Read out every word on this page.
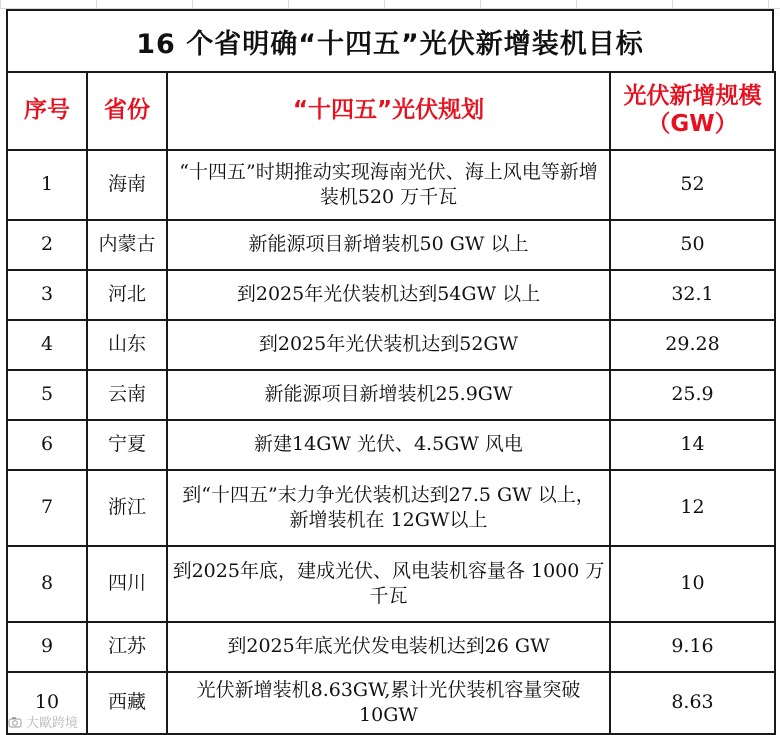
16 个省明确“十四五”光伏新增装机目标
序号	省份	“十四五”光伏规划	光伏新增规模（GW）
1	海南	“十四五”时期推动实现海南光伏、海上风电等新增装机520 万千瓦	52
2	内蒙古	新能源项目新增装机50 GW 以上	50
3	河北	到2025年光伏装机达到54GW 以上	32.1
4	山东	到2025年光伏装机达到52GW	29.28
5	云南	新能源项目新增装机25.9GW	25.9
6	宁夏	新建14GW 光伏、4.5GW 风电	14
7	浙江	到“十四五”末力争光伏装机达到27.5 GW 以上， 新增装机在 12GW以上	12
8	四川	到2025年底，建成光伏、风电装机容量各 1000 万千瓦	10
9	江苏	到2025年底光伏发电装机达到26 GW	9.16
10	西藏	光伏新增装机8.63GW,累计光伏装机容量突破10GW	8.63
大歐跨境
